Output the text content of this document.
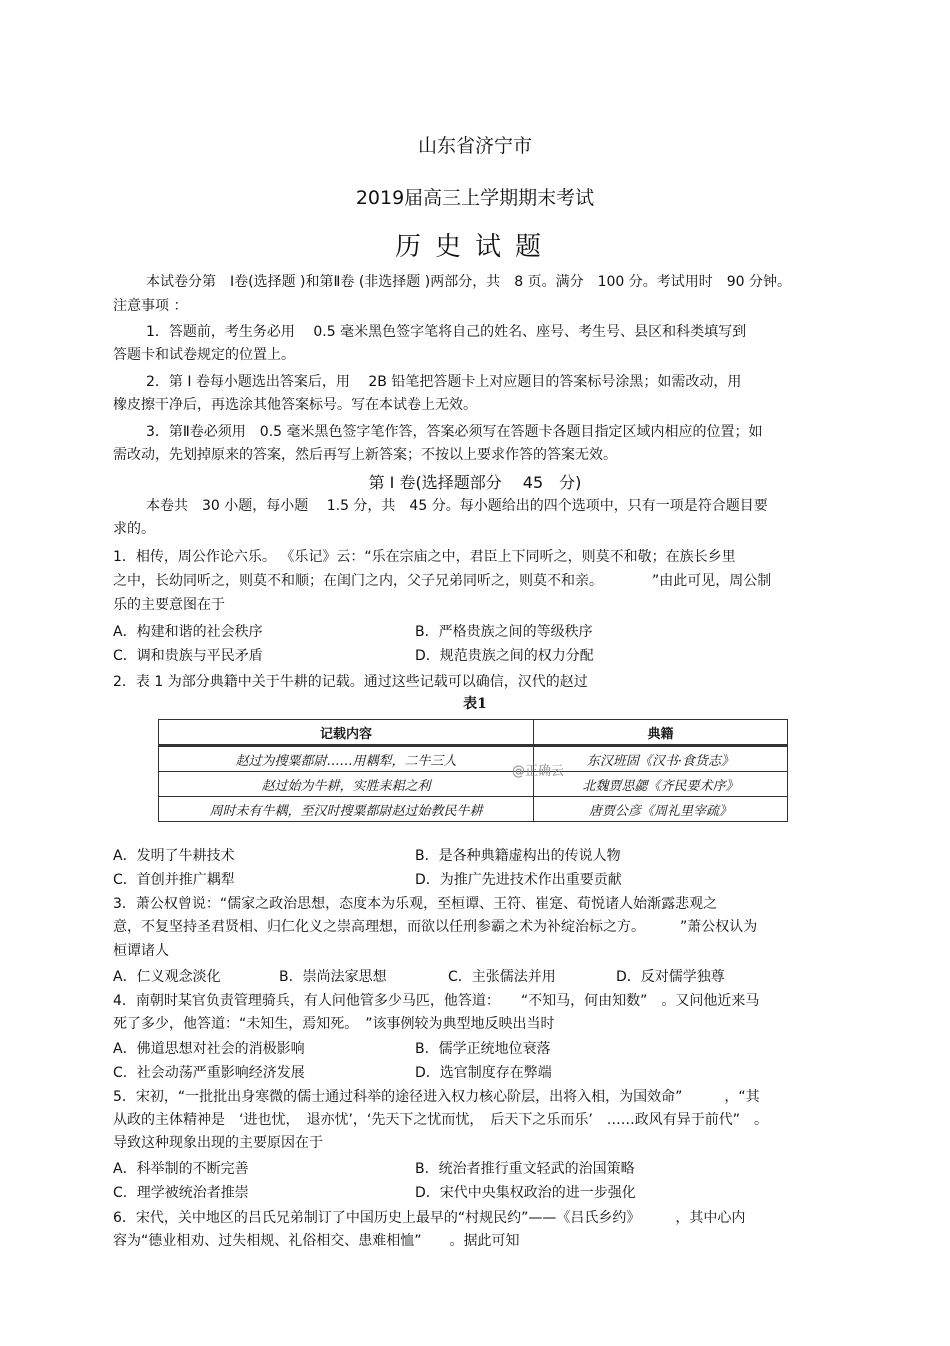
山东省济宁市
2019届高三上学期期末考试
历史试题
本试卷分第　Ⅰ卷(选择题 )和第Ⅱ卷 (非选择题 )两部分，共　8 页。满分　100 分。考试用时　90 分钟。
注意事项 ：
1．答题前，考生务必用　 0.5 毫米黑色签字笔将自己的姓名、座号、考生号、县区和科类填写到
答题卡和试卷规定的位置上。
2．第 Ⅰ 卷每小题选出答案后，用　 2B 铅笔把答题卡上对应题目的答案标号涂黑；如需改动，用
橡皮擦干净后，再选涂其他答案标号。写在本试卷上无效。
3．第Ⅱ卷必须用　0.5 毫米黑色签字笔作答，答案必须写在答题卡各题目指定区域内相应的位置；如
需改动，先划掉原来的答案，然后再写上新答案；不按以上要求作答的答案无效。
第 Ⅰ 卷(选择题部分　 45　分)
本卷共　30 小题，每小题　 1.5 分，共　45 分。每小题给出的四个选项中，只有一项是符合题目要
求的。
1．相传，周公作论六乐。 《乐记》云：“乐在宗庙之中，君臣上下同听之，则莫不和敬；在族长乡里
之中，长幼同听之，则莫不和顺；在闺门之内，父子兄弟同听之，则莫不和亲。　　　　”由此可见，周公制
乐的主要意图在于
A．构建和谐的社会秩序	B．严格贵族之间的等级秩序
C．调和贵族与平民矛盾	D．规范贵族之间的权力分配
2．表 1 为部分典籍中关于牛耕的记载。通过这些记载可以确信，汉代的赵过
表1
记载内容	典籍
赵过为搜粟都尉……用耦犁，二牛三人	东汉班固《汉书·食货志》
赵过始为牛耕，实胜耒耜之利	北魏贾思勰《齐民要术序》
周时未有牛耦，至汉时搜粟都尉赵过始教民牛耕	唐贾公彦《周礼里宰疏》
@正确云
A．发明了牛耕技术	B．是各种典籍虚构出的传说人物
C．首创并推广耦犁	D．为推广先进技术作出重要贡献
3．萧公权曾说：“儒家之政治思想，态度本为乐观，至桓谭、王符、崔寔、荀悦诸人始渐露悲观之
意，不复坚持圣君贤相、归仁化义之崇高理想，而欲以任刑参霸之术为补绽治标之方。　　　”萧公权认为
桓谭诸人
A．仁义观念淡化	B．崇尚法家思想	C．主张儒法并用	D．反对儒学独尊
4．南朝时某官负责管理骑兵，有人问他管多少马匹，他答道：　　“不知马，何由知数”　。又问他近来马
死了多少，他答道：“未知生，焉知死。　”该事例较为典型地反映出当时
A．佛道思想对社会的消极影响	B．儒学正统地位衰落
C．社会动荡严重影响经济发展	D．选官制度存在弊端
5．宋初，“一批批出身寒微的儒士通过科举的途径进入权力核心阶层，出将入相，为国效命”　　　，“其
从政的主体精神是　‘进也忧，　退亦忧’，‘先天下之忧而忧，　后天下之乐而乐’　……政风有异于前代”　。
导致这种现象出现的主要原因在于
A．科举制的不断完善	B．统治者推行重文轻武的治国策略
C．理学被统治者推崇	D．宋代中央集权政治的进一步强化
6．宋代，关中地区的吕氏兄弟制订了中国历史上最早的“村规民约”——《吕氏乡约》　　　，其中心内
容为“德业相劝、过失相规、礼俗相交、患难相恤”　　。据此可知
